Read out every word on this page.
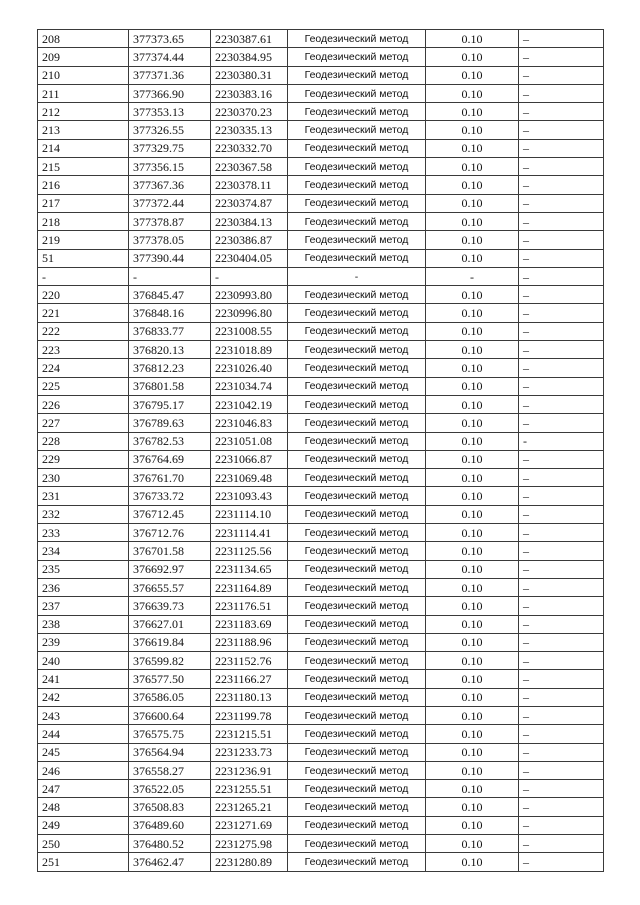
208	377373.65	2230387.61	Геодезический метод	0.10	–
209	377374.44	2230384.95	Геодезический метод	0.10	–
210	377371.36	2230380.31	Геодезический метод	0.10	–
211	377366.90	2230383.16	Геодезический метод	0.10	–
212	377353.13	2230370.23	Геодезический метод	0.10	–
213	377326.55	2230335.13	Геодезический метод	0.10	–
214	377329.75	2230332.70	Геодезический метод	0.10	–
215	377356.15	2230367.58	Геодезический метод	0.10	–
216	377367.36	2230378.11	Геодезический метод	0.10	–
217	377372.44	2230374.87	Геодезический метод	0.10	–
218	377378.87	2230384.13	Геодезический метод	0.10	–
219	377378.05	2230386.87	Геодезический метод	0.10	–
51	377390.44	2230404.05	Геодезический метод	0.10	–
-	-	-	-	-	–
220	376845.47	2230993.80	Геодезический метод	0.10	–
221	376848.16	2230996.80	Геодезический метод	0.10	–
222	376833.77	2231008.55	Геодезический метод	0.10	–
223	376820.13	2231018.89	Геодезический метод	0.10	–
224	376812.23	2231026.40	Геодезический метод	0.10	–
225	376801.58	2231034.74	Геодезический метод	0.10	–
226	376795.17	2231042.19	Геодезический метод	0.10	–
227	376789.63	2231046.83	Геодезический метод	0.10	–
228	376782.53	2231051.08	Геодезический метод	0.10	-
229	376764.69	2231066.87	Геодезический метод	0.10	–
230	376761.70	2231069.48	Геодезический метод	0.10	–
231	376733.72	2231093.43	Геодезический метод	0.10	–
232	376712.45	2231114.10	Геодезический метод	0.10	–
233	376712.76	2231114.41	Геодезический метод	0.10	–
234	376701.58	2231125.56	Геодезический метод	0.10	–
235	376692.97	2231134.65	Геодезический метод	0.10	–
236	376655.57	2231164.89	Геодезический метод	0.10	–
237	376639.73	2231176.51	Геодезический метод	0.10	–
238	376627.01	2231183.69	Геодезический метод	0.10	–
239	376619.84	2231188.96	Геодезический метод	0.10	–
240	376599.82	2231152.76	Геодезический метод	0.10	–
241	376577.50	2231166.27	Геодезический метод	0.10	–
242	376586.05	2231180.13	Геодезический метод	0.10	–
243	376600.64	2231199.78	Геодезический метод	0.10	–
244	376575.75	2231215.51	Геодезический метод	0.10	–
245	376564.94	2231233.73	Геодезический метод	0.10	–
246	376558.27	2231236.91	Геодезический метод	0.10	–
247	376522.05	2231255.51	Геодезический метод	0.10	–
248	376508.83	2231265.21	Геодезический метод	0.10	–
249	376489.60	2231271.69	Геодезический метод	0.10	–
250	376480.52	2231275.98	Геодезический метод	0.10	–
251	376462.47	2231280.89	Геодезический метод	0.10	–
